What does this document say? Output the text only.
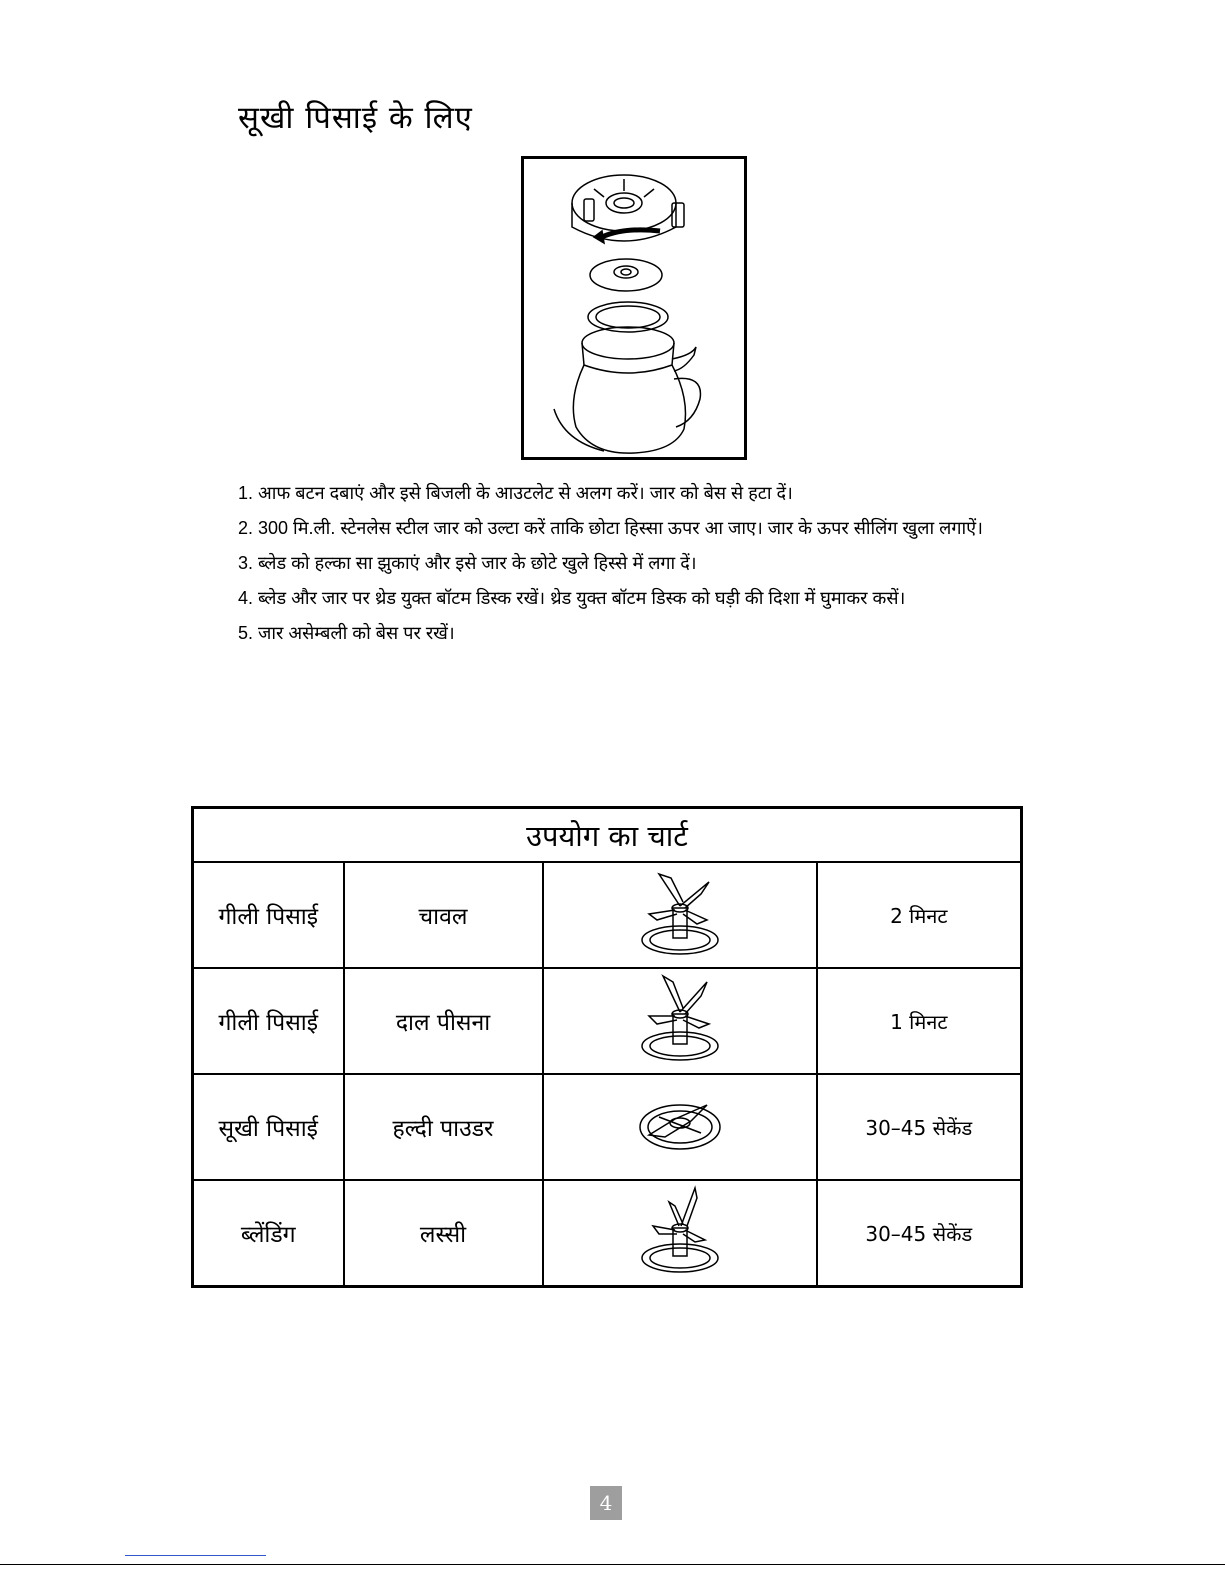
सूखी पिसाई के लिए
1. आफ बटन दबाएं और इसे बिजली के आउटलेट से अलग करें। जार को बेस से हटा दें।
2. 300 मि.ली. स्टेनलेस स्टील जार को उल्टा करें ताकि छोटा हिस्सा ऊपर आ जाए। जार के ऊपर सीलिंग खुला लगाऐं।
3. ब्लेड को हल्का सा झुकाएं और इसे जार के छोटे खुले हिस्से में लगा दें।
4. ब्लेड और जार पर थ्रेड युक्त बॉटम डिस्क रखें। थ्रेड युक्त बॉटम डिस्क को घड़ी की दिशा में घुमाकर कसें।
5. जार असेम्बली को बेस पर रखें।
उपयोग का चार्ट			
गीली पिसाई	चावल		2 मिनट
गीली पिसाई	दाल पीसना		1 मिनट
सूखी पिसाई	हल्दी पाउडर		30–45 सेकेंड
ब्लेंडिंग	लस्सी		30–45 सेकेंड
4
